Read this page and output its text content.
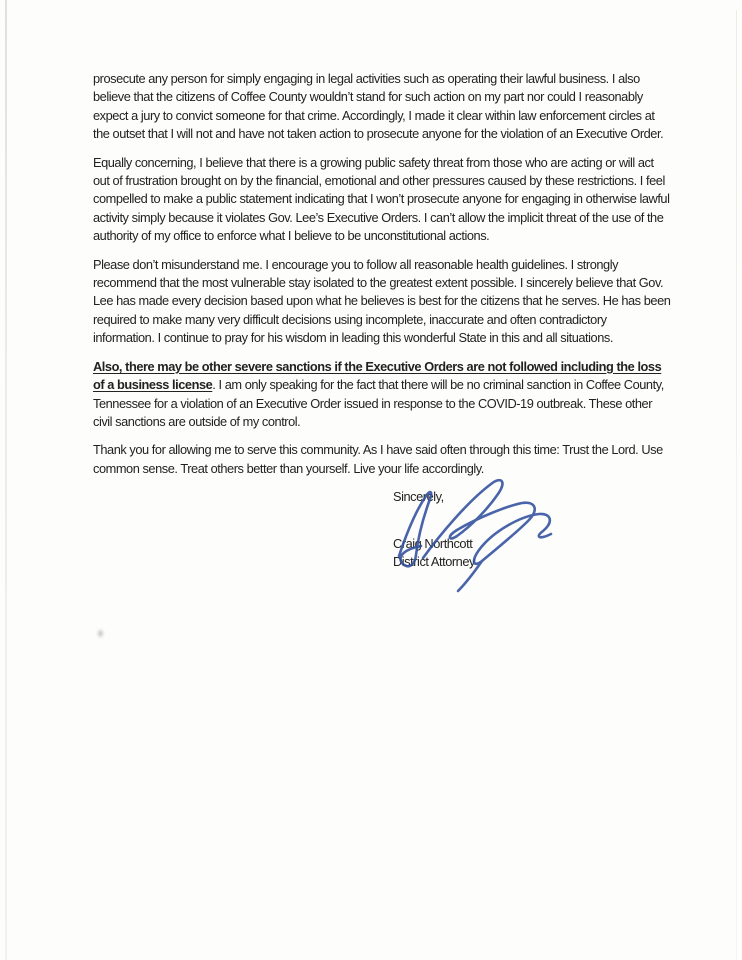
prosecute any person for simply engaging in legal activities such as operating their lawful business. I also believe that the citizens of Coffee County wouldn’t stand for such action on my part nor could I reasonably expect a jury to convict someone for that crime. Accordingly, I made it clear within law enforcement circles at the outset that I will not and have not taken action to prosecute anyone for the violation of an Executive Order.

Equally concerning, I believe that there is a growing public safety threat from those who are acting or will act out of frustration brought on by the financial, emotional and other pressures caused by these restrictions. I feel compelled to make a public statement indicating that I won’t prosecute anyone for engaging in otherwise lawful activity simply because it violates Gov. Lee’s Executive Orders. I can’t allow the implicit threat of the use of the authority of my office to enforce what I believe to be unconstitutional actions.

Please don’t misunderstand me. I encourage you to follow all reasonable health guidelines. I strongly recommend that the most vulnerable stay isolated to the greatest extent possible. I sincerely believe that Gov. Lee has made every decision based upon what he believes is best for the citizens that he serves. He has been required to make many very difficult decisions using incomplete, inaccurate and often contradictory information. I continue to pray for his wisdom in leading this wonderful State in this and all situations.

Also, there may be other severe sanctions if the Executive Orders are not followed including the loss of a business license. I am only speaking for the fact that there will be no criminal sanction in Coffee County, Tennessee for a violation of an Executive Order issued in response to the COVID-19 outbreak. These other civil sanctions are outside of my control.

Thank you for allowing me to serve this community. As I have said often through this time: Trust the Lord. Use common sense. Treat others better than yourself. Live your life accordingly.

Sincerely,
Craig Northcott
District Attorney
